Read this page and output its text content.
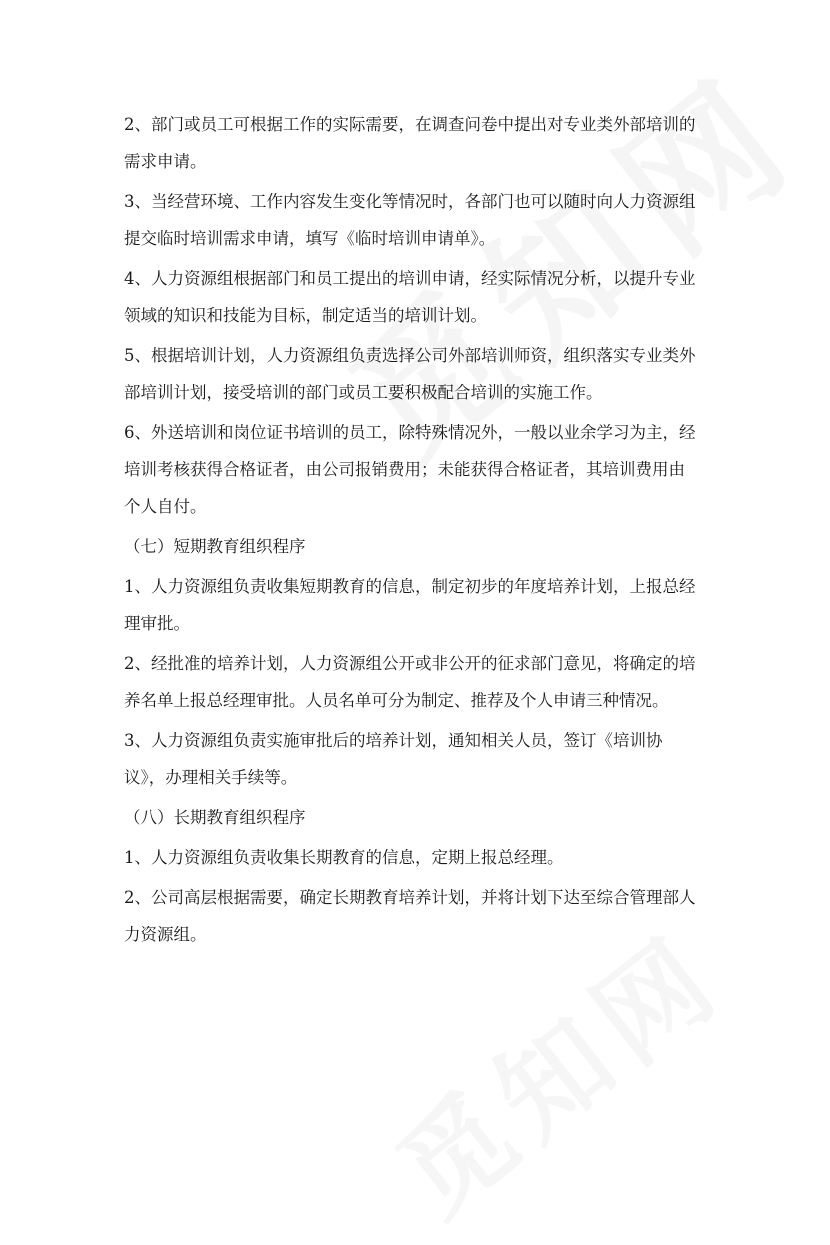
2、部门或员工可根据工作的实际需要，在调查问卷中提出对专业类外部培训的
需求申请。

3、当经营环境、工作内容发生变化等情况时，各部门也可以随时向人力资源组
提交临时培训需求申请，填写《临时培训申请单》。

4、人力资源组根据部门和员工提出的培训申请，经实际情况分析，以提升专业
领域的知识和技能为目标，制定适当的培训计划。

5、根据培训计划，人力资源组负责选择公司外部培训师资，组织落实专业类外
部培训计划，接受培训的部门或员工要积极配合培训的实施工作。

6、外送培训和岗位证书培训的员工，除特殊情况外，一般以业余学习为主，经
培训考核获得合格证者，由公司报销费用；未能获得合格证者，其培训费用由
个人自付。

（七）短期教育组织程序

1、人力资源组负责收集短期教育的信息，制定初步的年度培养计划，上报总经
理审批。

2、经批准的培养计划，人力资源组公开或非公开的征求部门意见，将确定的培
养名单上报总经理审批。人员名单可分为制定、推荐及个人申请三种情况。

3、人力资源组负责实施审批后的培养计划，通知相关人员，签订《培训协
议》，办理相关手续等。

（八）长期教育组织程序

1、人力资源组负责收集长期教育的信息，定期上报总经理。

2、公司高层根据需要，确定长期教育培养计划，并将计划下达至综合管理部人
力资源组。
